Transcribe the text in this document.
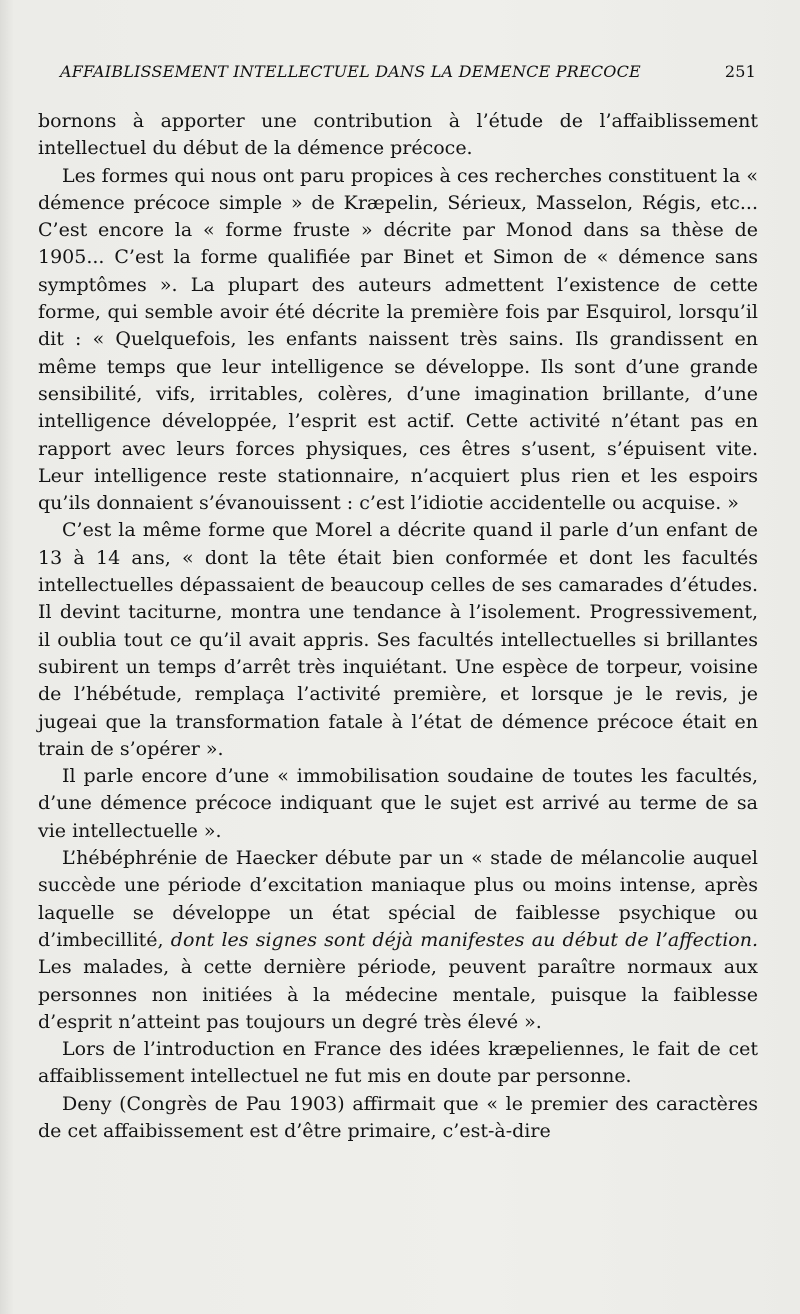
AFFAIBLISSEMENT INTELLECTUEL DANS LA DEMENCE PRECOCE	251

bornons à apporter une contribution à l’étude de l’affaiblissement intellectuel du début de la démence précoce.

Les formes qui nous ont paru propices à ces recherches constituent la « démence précoce simple » de Kræpelin, Sérieux, Masselon, Régis, etc... C’est encore la « forme fruste » décrite par Monod dans sa thèse de 1905... C’est la forme qualifiée par Binet et Simon de « démence sans symptômes ». La plupart des auteurs admettent l’existence de cette forme, qui semble avoir été décrite la première fois par Esquirol, lorsqu’il dit : « Quelquefois, les enfants naissent très sains. Ils grandissent en même temps que leur intelligence se développe. Ils sont d’une grande sensibilité, vifs, irritables, colères, d’une imagination brillante, d’une intelligence développée, l’esprit est actif. Cette activité n’étant pas en rapport avec leurs forces physiques, ces êtres s’usent, s’épuisent vite. Leur intelligence reste stationnaire, n’acquiert plus rien et les espoirs qu’ils donnaient s’évanouissent : c’est l’idiotie accidentelle ou acquise. »

C’est la même forme que Morel a décrite quand il parle d’un enfant de 13 à 14 ans, « dont la tête était bien conformée et dont les facultés intellectuelles dépassaient de beaucoup celles de ses camarades d’études. Il devint taciturne, montra une tendance à l’isolement. Progressivement, il oublia tout ce qu’il avait appris. Ses facultés intellectuelles si brillantes subirent un temps d’arrêt très inquiétant. Une espèce de torpeur, voisine de l’hébétude, remplaça l’activité première, et lorsque je le revis, je jugeai que la transformation fatale à l’état de démence précoce était en train de s’opérer ».

Il parle encore d’une « immobilisation soudaine de toutes les facultés, d’une démence précoce indiquant que le sujet est arrivé au terme de sa vie intellectuelle ».

L’hébéphrénie de Haecker débute par un « stade de mélancolie auquel succède une période d’excitation maniaque plus ou moins intense, après laquelle se développe un état spécial de faiblesse psychique ou d’imbecillité, dont les signes sont déjà manifestes au début de l’affection. Les malades, à cette dernière période, peuvent paraître normaux aux personnes non initiées à la médecine mentale, puisque la faiblesse d’esprit n’atteint pas toujours un degré très élevé ».

Lors de l’introduction en France des idées kræpeliennes, le fait de cet affaiblissement intellectuel ne fut mis en doute par personne.

Deny (Congrès de Pau 1903) affirmait que « le premier des caractères de cet affaibissement est d’être primaire, c’est-à-dire
